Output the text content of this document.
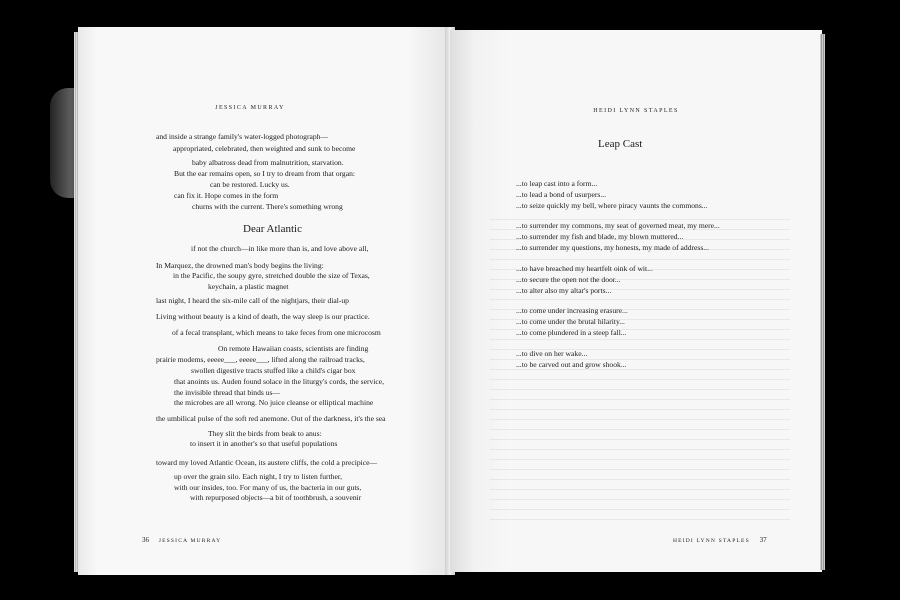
JESSICA MURRAY
and inside a strange family's water-logged photograph—
appropriated, celebrated, then weighted and sunk to become
baby albatross dead from malnutrition, starvation.
But the ear remains open, so I try to dream from that organ:
can be restored. Lucky us.
can fix it. Hope comes in the form
churns with the current. There's something wrong
Dear Atlantic
if not the church—in like more than is, and love above all,
In Marquez, the drowned man's body begins the living:
in the Pacific, the soupy gyre, stretched double the size of Texas,
keychain, a plastic magnet
last night, I heard the six-mile call of the nightjars, their dial-up
Living without beauty is a kind of death, the way sleep is our practice.
of a fecal transplant, which means to take feces from one microcosm
On remote Hawaiian coasts, scientists are finding
prairie modems, eeeee___, eeeee___, lifted along the railroad tracks,
swollen digestive tracts stuffed like a child's cigar box
that anoints us. Auden found solace in the liturgy's cords, the service,
the invisible thread that binds us—
the microbes are all wrong. No juice cleanse or elliptical machine
the umbilical pulse of the soft red anemone. Out of the darkness, it's the sea
They slit the birds from beak to anus:
to insert it in another's so that useful populations
toward my loved Atlantic Ocean, its austere cliffs, the cold a precipice—
up over the grain silo. Each night, I try to listen further,
with our insides, too. For many of us, the bacteria in our guts,
with repurposed objects—a bit of toothbrush, a souvenir
36 JESSICA MURRAY
HEIDI LYNN STAPLES
Leap Cast
...to leap cast into a form...
...to lead a bond of usurpers...
...to seize quickly my bell, where piracy vaunts the commons...
...to surrender my commons, my seat of governed meat, my mere...
...to surrender my fish and blade, my blown muttered...
...to surrender my questions, my honests, my made of address...
...to have breached my heartfelt oink of wit...
...to secure the open not the door...
...to alter also my altar's ports...
...to come under increasing erasure...
...to come under the brutal hilarity...
...to come plundered in a steep fall...
...to dive on her wake...
...to be carved out and grow shook...
HEIDI LYNN STAPLES 37
